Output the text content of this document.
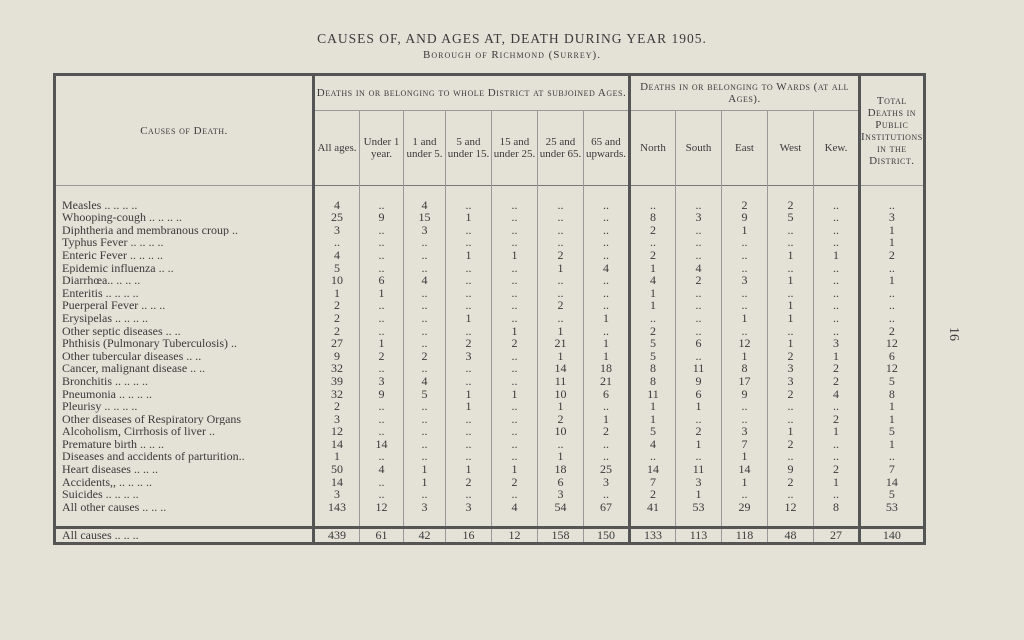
CAUSES OF, AND AGES AT, DEATH DURING YEAR 1905.
Borough of Richmond (Surrey).
16
Causes of Death.	Deaths in or belonging to whole District at subjoined Ages.							Deaths in or belonging to Wards (at all Ages).					Total Deaths in Public Institutions in the District.
	All ages.	Under 1 year.	1 and under 5.	5 and under 15.	15 and under 25.	25 and under 65.	65 and upwards.	North	South	East	West	Kew.	

Measles .. .. .. ..	4	..	4	..	..	..	..	..	..	2	2	..	..
Whooping-cough .. .. .. ..	25	9	15	1	..	..	..	8	3	9	5	..	3
Diphtheria and membranous croup ..	3	..	3	..	..	..	..	2	..	1	..	..	1
Typhus Fever .. .. .. ..	..	..	..	..	..	..	..	..	..	..	..	..	1
Enteric Fever .. .. .. ..	4	..	..	1	1	2	..	2	..	..	1	1	2
Epidemic influenza .. ..	5	..	..	..	..	1	4	1	4	..	..	..	..
Diarrhœa.. .. .. ..	10	6	4	..	..	..	..	4	2	3	1	..	1
Enteritis .. .. .. ..	1	1	..	..	..	..	..	1	..	..	..	..	..
Puerperal Fever .. .. ..	2	..	..	..	..	2	..	1	..	..	1	..	..
Erysipelas .. .. .. ..	2	..	..	1	..	..	1	..	..	1	1	..	..
Other septic diseases .. ..	2	..	..	..	1	1	..	2	..	..	..	..	2
Phthisis (Pulmonary Tuberculosis) ..	27	1	..	2	2	21	1	5	6	12	1	3	12
Other tubercular diseases .. ..	9	2	2	3	..	1	1	5	..	1	2	1	6
Cancer, malignant disease .. ..	32	..	..	..	..	14	18	8	11	8	3	2	12
Bronchitis .. .. .. ..	39	3	4	..	..	11	21	8	9	17	3	2	5
Pneumonia .. .. .. ..	32	9	5	1	1	10	6	11	6	9	2	4	8
Pleurisy .. .. .. ..	2	..	..	1	..	1	..	1	1	..	..	..	1
Other diseases of Respiratory Organs	3	..	..	..	..	2	1	1	..	..	..	2	1
Alcoholism, Cirrhosis of liver ..	12	..	..	..	..	10	2	5	2	3	1	1	5
Premature birth .. .. ..	14	14	..	..	..	..	..	4	1	7	2	..	1
Diseases and accidents of parturition..	1	..	..	..	..	1	..	..	..	1	..	..	..
Heart diseases .. .. ..	50	4	1	1	1	18	25	14	11	14	9	2	7
Accidents,, .. .. .. ..	14	..	1	2	2	6	3	7	3	1	2	1	14
Suicides .. .. .. ..	3	..	..	..	..	3	..	2	1	..	..	..	5
All other causes .. .. ..	143	12	3	3	4	54	67	41	53	29	12	8	53

All causes .. .. ..	439	61	42	16	12	158	150	133	113	118	48	27	140
